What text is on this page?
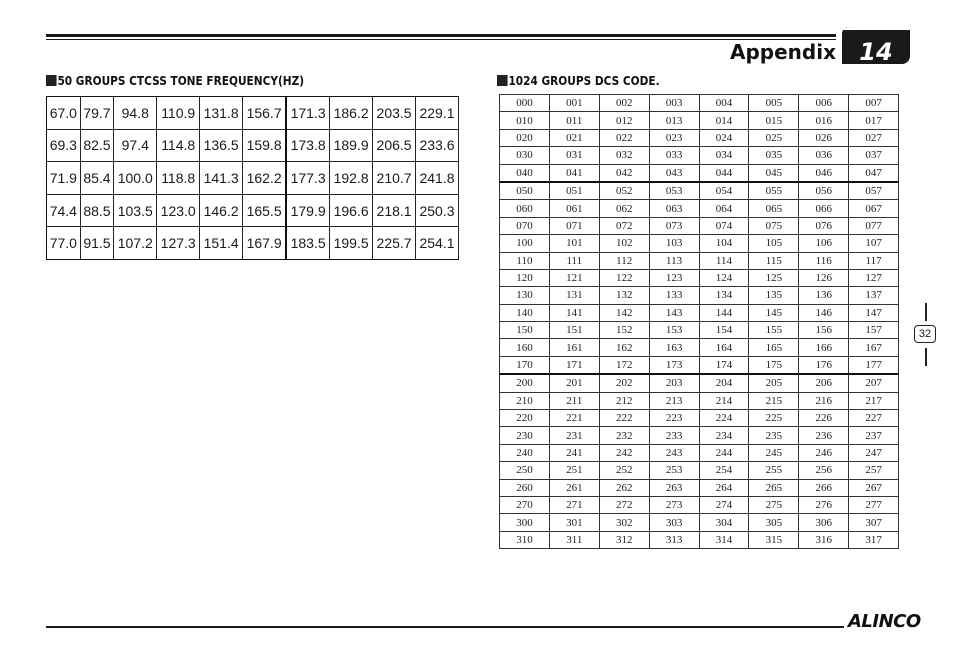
Appendix 14
50 GROUPS CTCSS TONE FREQUENCY(HZ)
67.0	79.7	94.8	110.9	131.8	156.7	171.3	186.2	203.5	229.1
69.3	82.5	97.4	114.8	136.5	159.8	173.8	189.9	206.5	233.6
71.9	85.4	100.0	118.8	141.3	162.2	177.3	192.8	210.7	241.8
74.4	88.5	103.5	123.0	146.2	165.5	179.9	196.6	218.1	250.3
77.0	91.5	107.2	127.3	151.4	167.9	183.5	199.5	225.7	254.1
1024 GROUPS DCS CODE.
000	001	002	003	004	005	006	007
010	011	012	013	014	015	016	017
020	021	022	023	024	025	026	027
030	031	032	033	034	035	036	037
040	041	042	043	044	045	046	047
050	051	052	053	054	055	056	057
060	061	062	063	064	065	066	067
070	071	072	073	074	075	076	077
100	101	102	103	104	105	106	107
110	111	112	113	114	115	116	117
120	121	122	123	124	125	126	127
130	131	132	133	134	135	136	137
140	141	142	143	144	145	146	147
150	151	152	153	154	155	156	157
160	161	162	163	164	165	166	167
170	171	172	173	174	175	176	177
200	201	202	203	204	205	206	207
210	211	212	213	214	215	216	217
220	221	222	223	224	225	226	227
230	231	232	233	234	235	236	237
240	241	242	243	244	245	246	247
250	251	252	253	254	255	256	257
260	261	262	263	264	265	266	267
270	271	272	273	274	275	276	277
300	301	302	303	304	305	306	307
310	311	312	313	314	315	316	317
32
ALINCO
